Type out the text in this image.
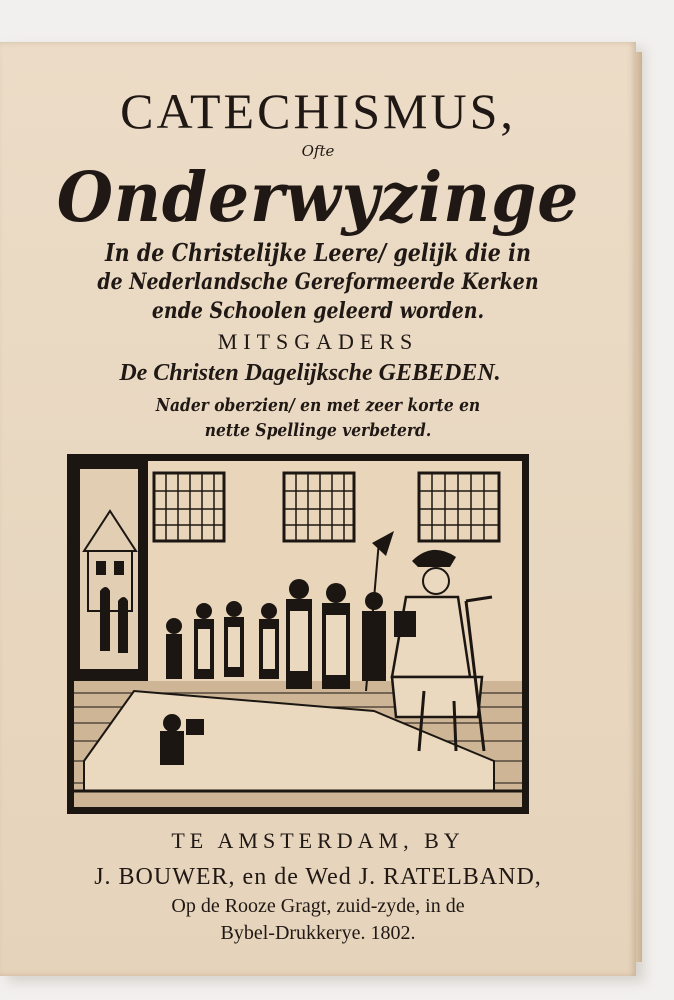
CATECHISMUS,
Ofte
Onderwyzinge
In de Christelijke Leere/ gelijk die in
de Nederlandsche Gereformeerde Kerken
ende Schoolen geleerd worden.
MITSGADERS
De Christen Dagelijksche GEBEDEN.
Nader oberzien/ en met zeer korte en
nette Spellinge verbeterd.
TE AMSTERDAM, BY
J. BOUWER, en de Wed J. RATELBAND,
Op de Rooze Gragt, zuid-zyde, in de
Bybel-Drukkerye. 1802.
